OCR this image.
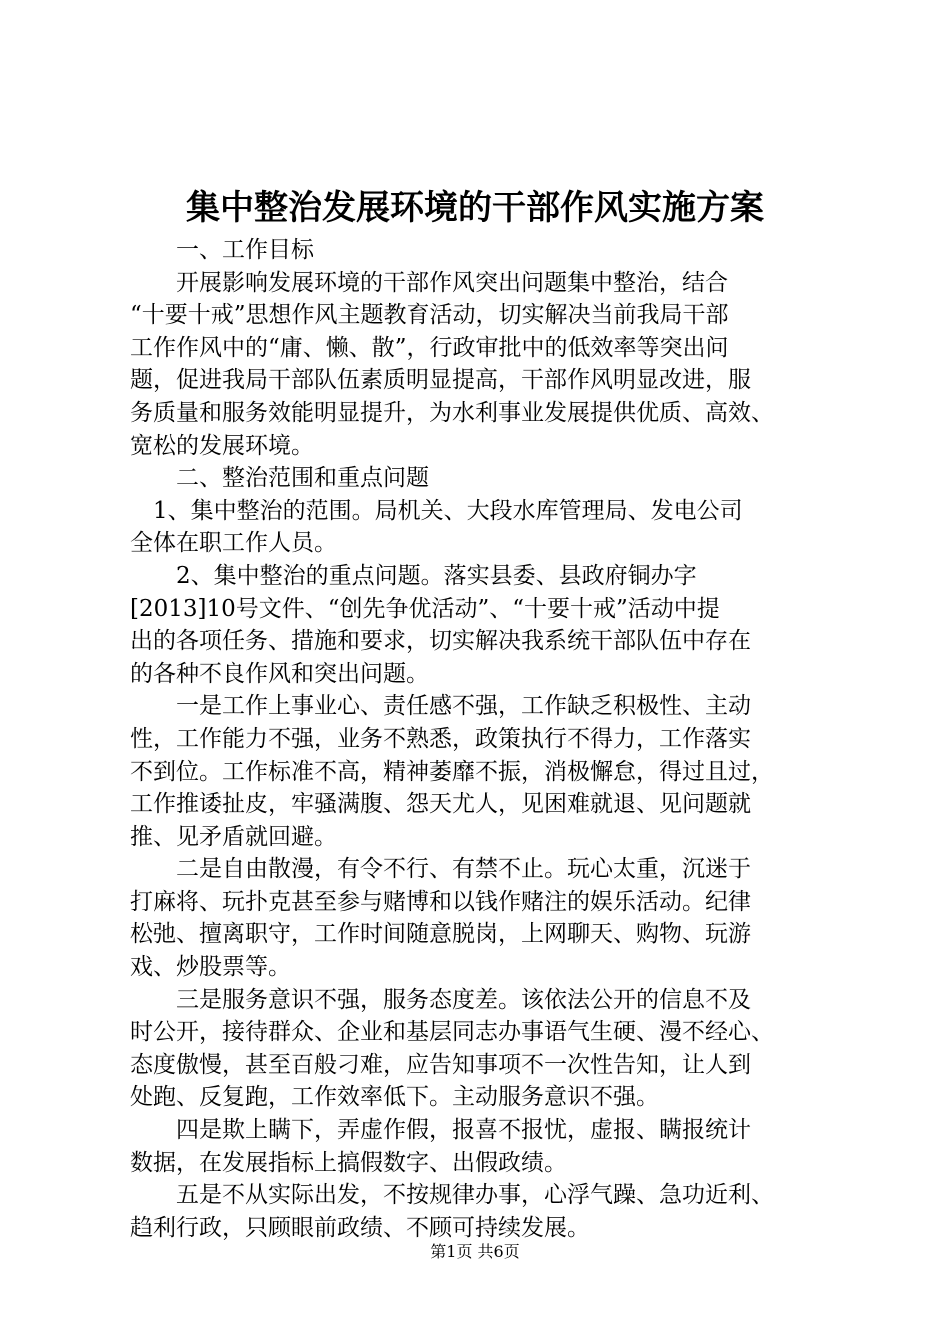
集中整治发展环境的干部作风实施方案
　　一、工作目标
　　开展影响发展环境的干部作风突出问题集中整治，结合
“十要十戒”思想作风主题教育活动，切实解决当前我局干部
工作作风中的“庸、懒、散”，行政审批中的低效率等突出问
题，促进我局干部队伍素质明显提高，干部作风明显改进，服
务质量和服务效能明显提升，为水利事业发展提供优质、高效、
宽松的发展环境。
　　二、整治范围和重点问题
　1、集中整治的范围。局机关、大段水库管理局、发电公司
全体在职工作人员。
　　2、集中整治的重点问题。落实县委、县政府铜办字
[2013]10号文件、“创先争优活动”、“十要十戒”活动中提
出的各项任务、措施和要求，切实解决我系统干部队伍中存在
的各种不良作风和突出问题。
　　一是工作上事业心、责任感不强，工作缺乏积极性、主动
性，工作能力不强，业务不熟悉，政策执行不得力，工作落实
不到位。工作标准不高，精神萎靡不振，消极懈怠，得过且过，
工作推诿扯皮，牢骚满腹、怨天尤人，见困难就退、见问题就
推、见矛盾就回避。
　　二是自由散漫，有令不行、有禁不止。玩心太重，沉迷于
打麻将、玩扑克甚至参与赌博和以钱作赌注的娱乐活动。纪律
松弛、擅离职守，工作时间随意脱岗，上网聊天、购物、玩游
戏、炒股票等。
　　三是服务意识不强，服务态度差。该依法公开的信息不及
时公开，接待群众、企业和基层同志办事语气生硬、漫不经心、
态度傲慢，甚至百般刁难，应告知事项不一次性告知，让人到
处跑、反复跑，工作效率低下。主动服务意识不强。
　　四是欺上瞒下，弄虚作假，报喜不报忧，虚报、瞒报统计
数据，在发展指标上搞假数字、出假政绩。
　　五是不从实际出发，不按规律办事，心浮气躁、急功近利、
趋利行政，只顾眼前政绩、不顾可持续发展。
第1页 共6页
